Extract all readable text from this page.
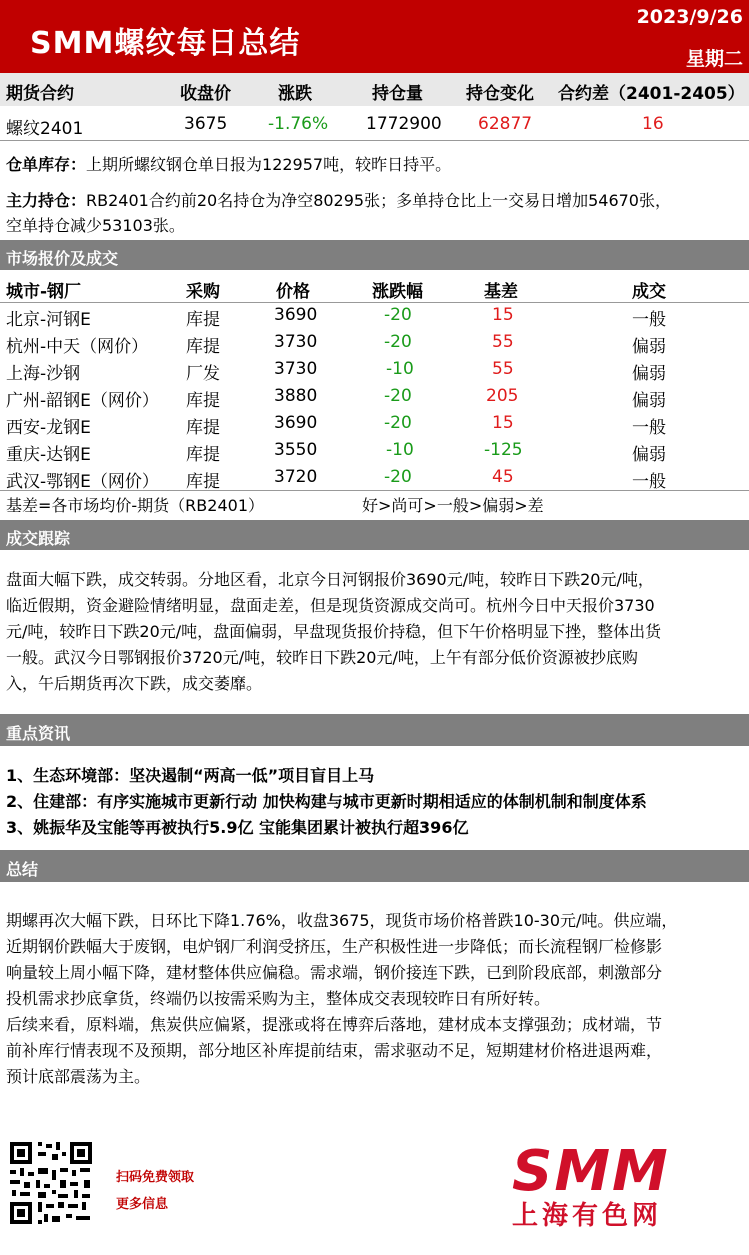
SMM螺纹每日总结
2023/9/26
星期二
期货合约	收盘价	涨跌	持仓量	持仓变化 合约差（2401-2405）
螺纹2401	3675 -1.76% 1772900 62877	16
仓单库存：上期所螺纹钢仓单日报为122957吨，较昨日持平。
主力持仓：RB2401合约前20名持仓为净空80295张；多单持仓比上一交易日增加54670张，
空单持仓减少53103张。
市场报价及成交
城市-钢厂	采购	价格	涨跌幅	基差	成交
北京-河钢E	库提	3690	-20	15	一般
杭州-中天（网价） 库提	3730	-20	55	偏弱
上海-沙钢	厂发	3730	-10	55	偏弱
广州-韶钢E（网价） 库提	3880	-20	205	偏弱
西安-龙钢E	库提	3690	-20	15	一般
重庆-达钢E	库提	3550	-10	-125	偏弱
武汉-鄂钢E（网价） 库提	3720	-20	45	一般
基差=各市场均价-期货（RB2401）	好>尚可>一般>偏弱>差
成交跟踪
盘面大幅下跌，成交转弱。分地区看，北京今日河钢报价3690元/吨，较昨日下跌20元/吨，
临近假期，资金避险情绪明显，盘面走差，但是现货资源成交尚可。杭州今日中天报价3730
元/吨，较昨日下跌20元/吨，盘面偏弱，早盘现货报价持稳，但下午价格明显下挫，整体出货
一般。武汉今日鄂钢报价3720元/吨，较昨日下跌20元/吨，上午有部分低价资源被抄底购
入，午后期货再次下跌，成交萎靡。
重点资讯
1、生态环境部：坚决遏制“两高一低”项目盲目上马
2、住建部：有序实施城市更新行动 加快构建与城市更新时期相适应的体制机制和制度体系
3、姚振华及宝能等再被执行5.9亿 宝能集团累计被执行超396亿
总结
期螺再次大幅下跌，日环比下降1.76%，收盘3675，现货市场价格普跌10-30元/吨。供应端，
近期钢价跌幅大于废钢，电炉钢厂利润受挤压，生产积极性进一步降低；而长流程钢厂检修影
响量较上周小幅下降，建材整体供应偏稳。需求端，钢价接连下跌，已到阶段底部，刺激部分
投机需求抄底拿货，终端仍以按需采购为主，整体成交表现较昨日有所好转。
后续来看，原料端，焦炭供应偏紧，提涨或将在博弈后落地，建材成本支撑强劲；成材端，节
前补库行情表现不及预期，部分地区补库提前结束，需求驱动不足，短期建材价格进退两难，
预计底部震荡为主。
扫码免费领取
更多信息
SMM
上海有色网
